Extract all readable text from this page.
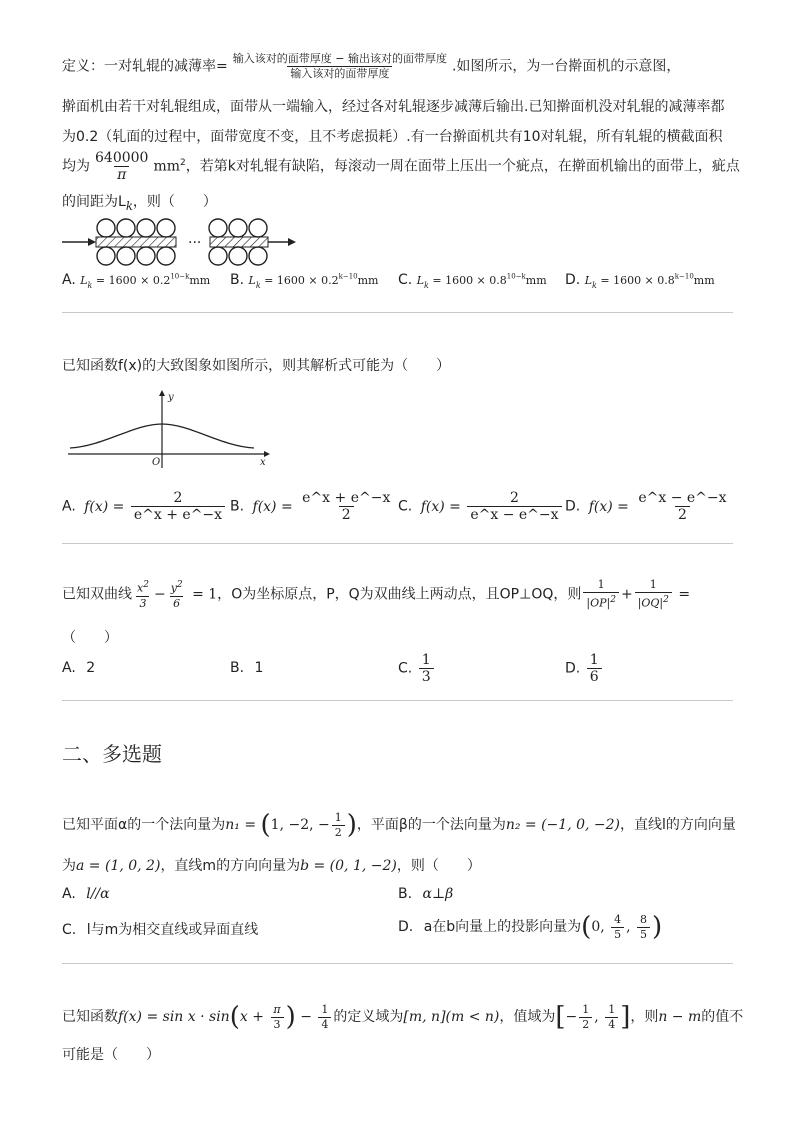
定义：一对轧辊的减薄率= $\frac{\text{输入该对的面带厚度 − 输出该对的面带厚度}}{\text{输入该对的面带厚度}}$ .如图所示，为一台擀面机的示意图，
擀面机由若干对轧辊组成，面带从一端输入，经过各对轧辊逐步减薄后输出.已知擀面机没对轧辊的减薄率都
为0.2（轧面的过程中，面带宽度不变，且不考虑损耗）.有一台擀面机共有10对轧辊，所有轧辊的横截面积
均为 $\frac{640000}{\pi} mm^2$，若第k对轧辊有缺陷，每滚动一周在面带上压出一个疵点，在擀面机输出的面带上，疵点
的间距为$L_k$，则（　　）
···
A. $L_k = 1600 \times 0.2^{10-k}mm$ B. $L_k = 1600 \times 0.2^{k-10}mm$ C. $L_k = 1600 \times 0.8^{10-k}mm$ D. $L_k = 1600 \times 0.8^{k-10}mm$
已知函数f(x)的大致图象如图所示，则其解析式可能为（　　）
y
x
O
A. $f(x) = \frac{2}{e\^{}x + e\^{}-x} B$. $f(x) = \frac{e\^{}x + e\^{}-x}{2} C$. $f(x) = \frac{2}{e\^{}x - e\^{}-x} D$. $f(x) = \frac{e\^{}x - e\^{}-x}{2}$
已知双曲线 $\frac{x^2}{3} - \frac{y^2}{6} = 1$，O为坐标原点，P，Q为双曲线上两动点，且OP⊥OQ，则 $\frac{1}{|OP|^2} + \frac{1}{|OQ|^2}$ =
（　　）
A. 2	B. 1	C. $\frac{1}{3}$	D. $\frac{1}{6}$
二、多选题
已知平面α的一个法向量为n₁ = (1, −2, − $\frac{1}{2}$ )，平面β的一个法向量为n₂ = (−1, 0, −2)，直线l的方向向量
为a = (1, 0, 2)，直线m的方向向量为b = (0, 1, −2)，则（　　）
A. l//α	B. α⊥β
C. l与m为相交直线或异面直线	D. a在b向量上的投影向量为(0, $\frac{4}{5}$ , $\frac{8}{5}$ )
已知函数$f(x) = \sin x \cdot \sin(x + \frac{\pi}{3}$ ) − $\frac{1}{4}$ 的定义域为[m, n](m < n)，值域为[− $\frac{1}{2}$ , $\frac{1}{4}$ ]，则n − m的值不
可能是（　　）
